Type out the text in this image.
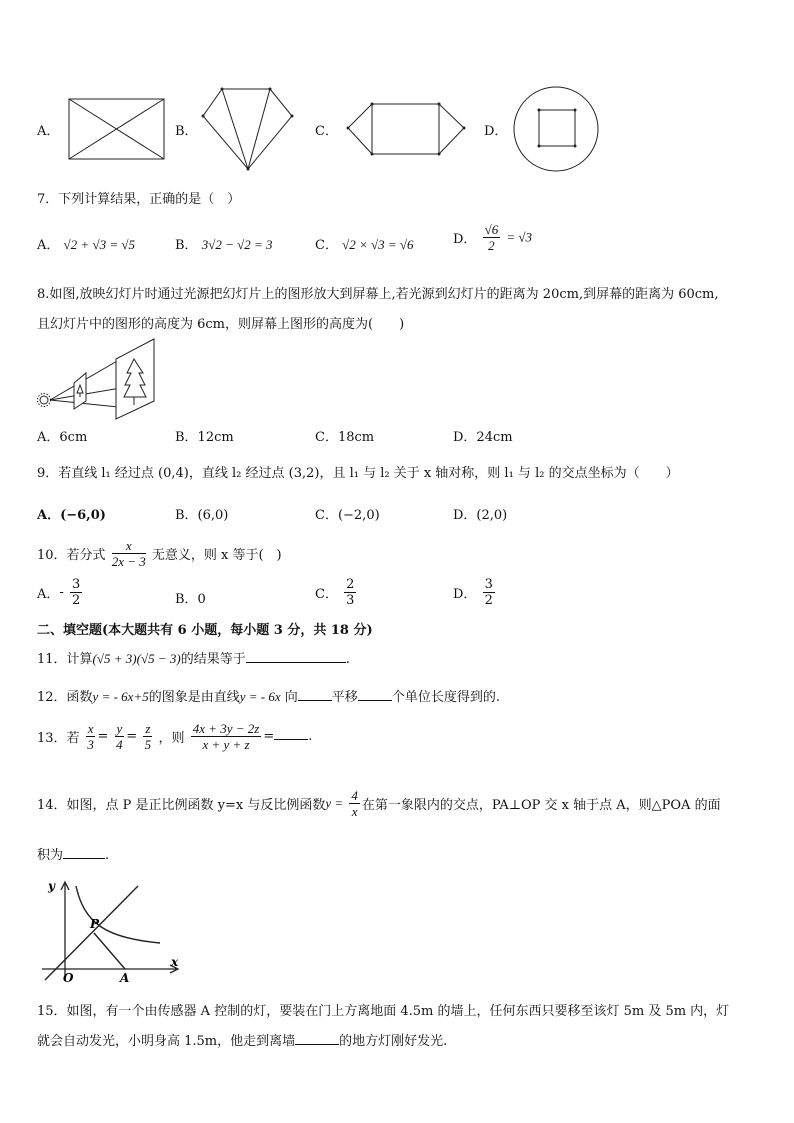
A．	B．	C．	D．
7．下列计算结果，正确的是（　）
A． √2 + √3 = √5	B． 3√2 − √2 = 3	C． √2 × √3 = √6	D． $\frac{√6}{2} = √3$
8.如图,放映幻灯片时通过光源把幻灯片上的图形放大到屏幕上,若光源到幻灯片的距离为 20cm,到屏幕的距离为 60cm,
且幻灯片中的图形的高度为 6cm，则屏幕上图形的高度为(　　)
A．6cm	B．12cm	C．18cm	D．24cm
9．若直线 l₁ 经过点 (0,4)，直线 l₂ 经过点 (3,2)，且 l₁ 与 l₂ 关于 x 轴对称，则 l₁ 与 l₂ 的交点坐标为（　　）
A．(−6,0)	B．(6,0)	C．(−2,0)	D．(2,0)
10．若分式 $\frac{x}{2x - 3}$ 无意义，则 x 等于(　)
A．- $\frac{3}{2}$	B．0	C． $\frac{2}{3}$	D． $\frac{3}{2}$
二、填空题(本大题共有 6 小题，每小题 3 分，共 18 分)
11．计算(√5 + 3)(√5 − 3)的结果等于	.
12．函数y = - 6x+5的图象是由直线y = - 6x 向	平移	个单位长度得到的.
13．若 $\frac{x}{3} = \frac{y}{4} = \frac{z}{5}$ ，则 $\frac{4x + 3y - 2z}{x + y + z}$ =	.
14．如图，点 P 是正比例函数 y=x 与反比例函数$y = \frac{4}{x}$ 在第一象限内的交点，PA⊥OP 交 x 轴于点 A，则△POA 的面
积为	.
y
x
O
P
A
15．如图，有一个由传感器 A 控制的灯，要装在门上方离地面 4.5m 的墙上，任何东西只要移至该灯 5m 及 5m 内，灯
就会自动发光，小明身高 1.5m，他走到离墙	的地方灯刚好发光.
